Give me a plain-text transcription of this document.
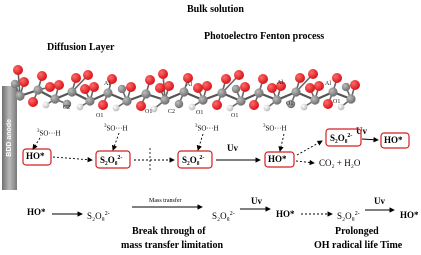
Bulk solution
Diffusion Layer
Photoelectro Fenton process
BDD anode
C2
Al
O1
O1	C2
Al
O1	O1
Al
O1
Al
O1
$^3$SO···H
$^3$SO···H	$^3$SO···H	$^3$SO···H
HO*	S₂O₈$^{2-}$	S₂O₈$^{2-}$
Uv
HO*
S₂O₈$^{2-}$ Uv
HO*
CO₂ + H₂O
HO*	S₂O₈$^{2-}$
Mass transfer
S₂O₈$^{2-}$
Uv
HO*	S₂O₈$^{2-}$
Uv
HO*
Break through of
mass transfer limitation
Prolonged
OH radical life Time
